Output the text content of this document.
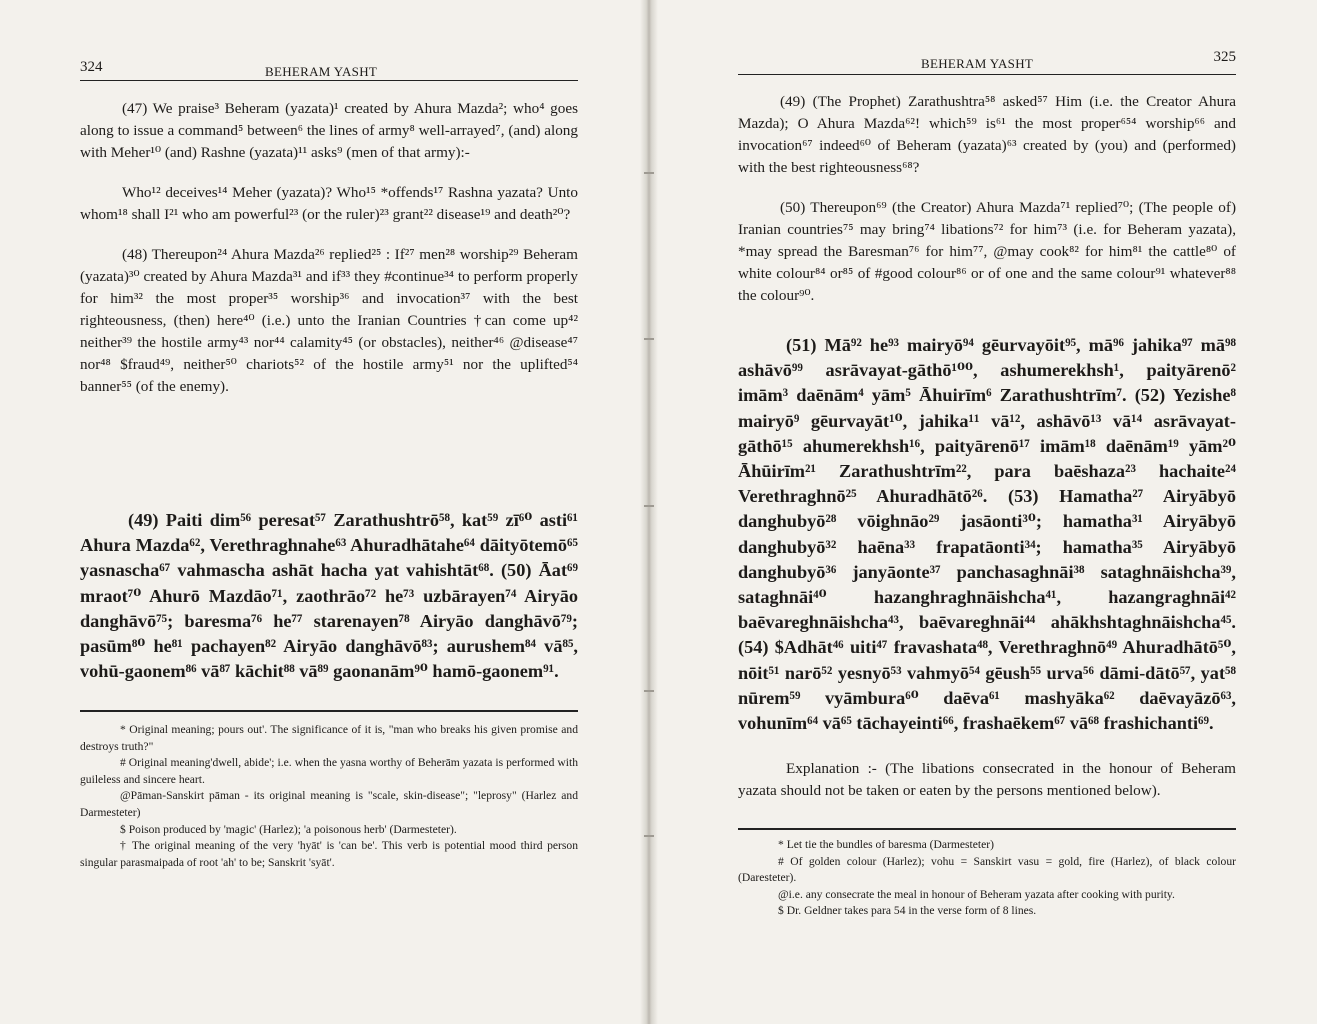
324	BEHERAM YASHT

(47) We praise³ Beheram (yazata)¹ created by Ahura Mazda²; who⁴ goes along to issue a command⁵ between⁶ the lines of army⁸ well-arrayed⁷, (and) along with Meher¹⁰ (and) Rashne (yazata)¹¹ asks⁹ (men of that army):-

Who¹² deceives¹⁴ Meher (yazata)? Who¹⁵ *offends¹⁷ Rashna yazata? Unto whom¹⁸ shall I²¹ who am powerful²³ (or the ruler)²³ grant²² disease¹⁹ and death²⁰?

(48) Thereupon²⁴ Ahura Mazda²⁶ replied²⁵ : If²⁷ men²⁸ worship²⁹ Beheram (yazata)³⁰ created by Ahura Mazda³¹ and if³³ they #continue³⁴ to perform properly for him³² the most proper³⁵ worship³⁶ and invocation³⁷ with the best righteousness, (then) here⁴⁰ (i.e.) unto the Iranian Countries †can come up⁴² neither³⁹ the hostile army⁴³ nor⁴⁴ calamity⁴⁵ (or obstacles), neither⁴⁶ @disease⁴⁷ nor⁴⁸ $fraud⁴⁹, neither⁵⁰ chariots⁵² of the hostile army⁵¹ nor the uplifted⁵⁴ banner⁵⁵ (of the enemy).

(49) Paiti dim⁵⁶ peresat⁵⁷ Zarathushtrō⁵⁸, kat⁵⁹ zī⁶⁰ asti⁶¹ Ahura Mazda⁶², Verethraghnahe⁶³ Ahuradhātahe⁶⁴ dāityōtemō⁶⁵ yasnascha⁶⁷ vahmascha ashāt hacha yat vahishtāt⁶⁸. (50) Āat⁶⁹ mraot⁷⁰ Ahurō Mazdāo⁷¹, zaothrāo⁷² he⁷³ uzbārayen⁷⁴ Airyāo danghāvō⁷⁵; baresma⁷⁶ he⁷⁷ starenayen⁷⁸ Airyāo danghāvō⁷⁹; pasūm⁸⁰ he⁸¹ pachayen⁸² Airyāo danghāvō⁸³; aurushem⁸⁴ vā⁸⁵, vohū-gaonem⁸⁶ vā⁸⁷ kāchit⁸⁸ vā⁸⁹ gaonanām⁹⁰ hamō-gaonem⁹¹.

* Original meaning; pours out'. The significance of it is, "man who breaks his given promise and destroys truth?"

# Original meaning'dwell, abide'; i.e. when the yasna worthy of Beherām yazata is performed with guileless and sincere heart.

@Pāman-Sanskirt pāman - its original meaning is "scale, skin-disease"; "leprosy" (Harlez and Darmesteter)

$ Poison produced by 'magic' (Harlez); 'a poisonous herb' (Darmesteter).

† The original meaning of the very 'hyāt' is 'can be'. This verb is potential mood third person singular parasmaipada of root 'ah' to be; Sanskrit 'syāt'.

325
BEHERAM YASHT

(49) (The Prophet) Zarathushtra⁵⁸ asked⁵⁷ Him (i.e. the Creator Ahura Mazda); O Ahura Mazda⁶²! which⁵⁹ is⁶¹ the most proper⁶⁵⁴ worship⁶⁶ and invocation⁶⁷ indeed⁶⁰ of Beheram (yazata)⁶³ created by (you) and (performed) with the best righteousness⁶⁸?

(50) Thereupon⁶⁹ (the Creator) Ahura Mazda⁷¹ replied⁷⁰; (The people of) Iranian countries⁷⁵ may bring⁷⁴ libations⁷² for him⁷³ (i.e. for Beheram yazata), *may spread the Baresman⁷⁶ for him⁷⁷, @may cook⁸² for him⁸¹ the cattle⁸⁰ of white colour⁸⁴ or⁸⁵ of #good colour⁸⁶ or of one and the same colour⁹¹ whatever⁸⁸ the colour⁹⁰.

(51) Mā⁹² he⁹³ mairyō⁹⁴ gēurvayōit⁹⁵, mā⁹⁶ jahika⁹⁷ mā⁹⁸ ashāvō⁹⁹ asrāvayat-gāthō¹⁰⁰, ashumerekhsh¹, paityārenō² imām³ daēnām⁴ yām⁵ Āhuirīm⁶ Zarathushtrīm⁷. (52) Yezishe⁸ mairyō⁹ gēurvayāt¹⁰, jahika¹¹ vā¹², ashāvō¹³ vā¹⁴ asrāvayat-gāthō¹⁵ ahumerekhsh¹⁶, paityārenō¹⁷ imām¹⁸ daēnām¹⁹ yām²⁰ Āhūirīm²¹ Zarathushtrīm²², para baēshaza²³ hachaite²⁴ Verethraghnō²⁵ Ahuradhātō²⁶. (53) Hamatha²⁷ Airyābyō danghubyō²⁸ vōighnāo²⁹ jasāonti³⁰; hamatha³¹ Airyābyō danghubyō³² haēna³³ frapatāonti³⁴; hamatha³⁵ Airyābyō danghubyō³⁶ janyāonte³⁷ panchasaghnāi³⁸ sataghnāishcha³⁹, sataghnāi⁴⁰ hazanghraghnāishcha⁴¹, hazangraghnāi⁴² baēvareghnāishcha⁴³, baēvareghnāi⁴⁴ ahākhshtaghnāishcha⁴⁵. (54) $Adhāt⁴⁶ uiti⁴⁷ fravashata⁴⁸, Verethraghnō⁴⁹ Ahuradhātō⁵⁰, nōit⁵¹ narō⁵² yesnyō⁵³ vahmyō⁵⁴ gēush⁵⁵ urva⁵⁶ dāmi-dātō⁵⁷, yat⁵⁸ nūrem⁵⁹ vyāmbura⁶⁰ daēva⁶¹ mashyāka⁶² daēvayāzō⁶³, vohunīm⁶⁴ vā⁶⁵ tāchayeinti⁶⁶, frashaēkem⁶⁷ vā⁶⁸ frashichanti⁶⁹.

Explanation :- (The libations consecrated in the honour of Beheram yazata should not be taken or eaten by the persons mentioned below).

* Let tie the bundles of baresma (Darmesteter)

# Of golden colour (Harlez); vohu = Sanskirt vasu = gold, fire (Harlez), of black colour (Daresteter).

@i.e. any consecrate the meal in honour of Beheram yazata after cooking with purity.

$ Dr. Geldner takes para 54 in the verse form of 8 lines.
